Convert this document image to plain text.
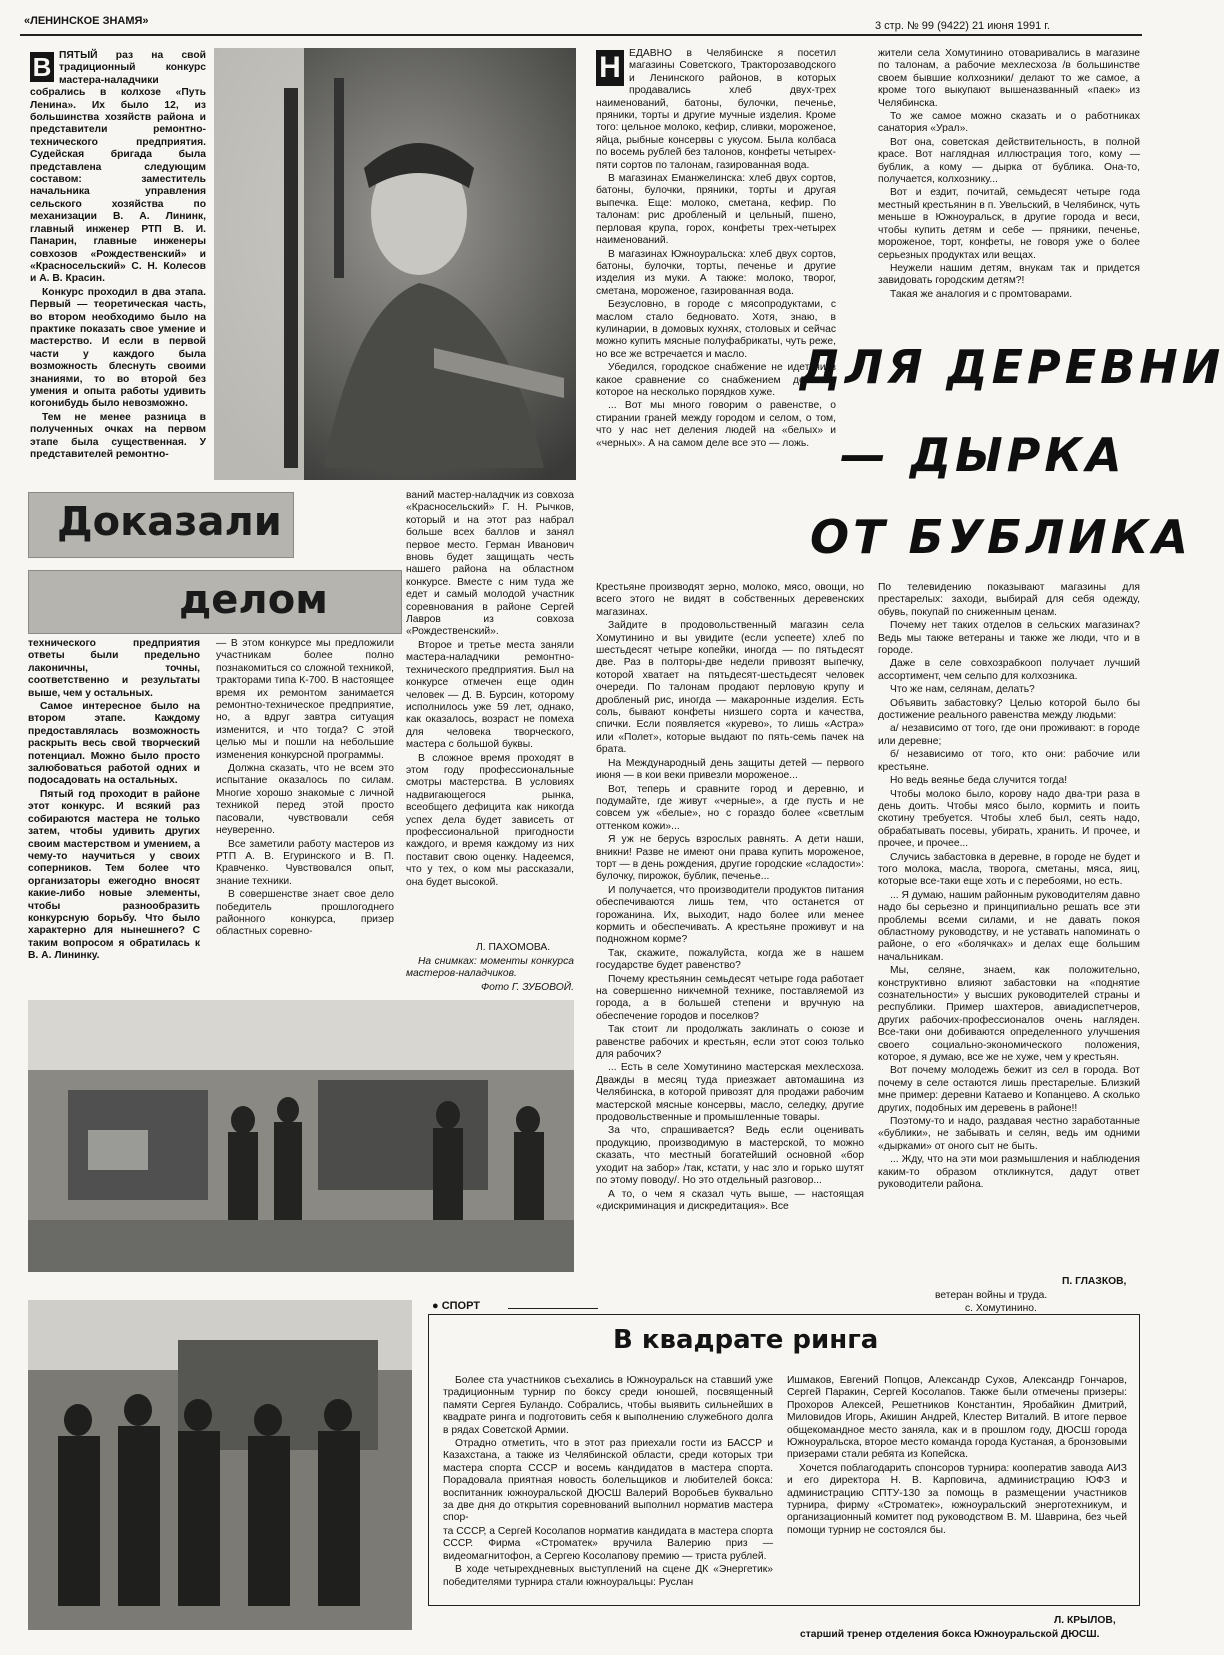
«ЛЕНИНСКОЕ ЗНАМЯ»	3 стр. № 99 (9422) 21 июня 1991 г.
В ПЯТЫЙ раз на свой традиционный конкурс мастера-наладчики собрались в колхозе «Путь Ленина». Их было 12, из большинства хозяйств района и представители ремонтно-технического предприятия. Судейская бригада была представлена следующим составом: заместитель начальника управления сельского хозяйства по механизации В. А. Лининк, главный инженер РТП В. И. Панарин, главные инженеры совхозов «Рождественский» и «Красносельский» С. Н. Колесов и А. В. Красин.

Конкурс проходил в два этапа. Первый — теоретическая часть, во втором необходимо было на практике показать свое умение и мастерство. И если в первой части у каждого была возможность блеснуть своими знаниями, то во второй без умения и опыта работы удивить когонибудь было невозможно.

Тем не менее разница в полученных очках на первом этапе была существенная. У представителей ремонтно-

Доказали
делом

технического предприятия ответы были предельно лаконичны, точны, соответственно и результаты выше, чем у остальных.

Самое интересное было на втором этапе. Каждому предоставлялась возможность раскрыть весь свой творческий потенциал. Можно было просто залюбоваться работой одних и подосадовать на остальных.

Пятый год проходит в районе этот конкурс. И всякий раз собираются мастера не только затем, чтобы удивить других своим мастерством и умением, а чему-то научиться у своих соперников. Тем более что организаторы ежегодно вносят какие-либо новые элементы, чтобы разнообразить конкурсную борьбу. Что было характерно для нынешнего? С таким вопросом я обратилась к В. А. Лининку.

— В этом конкурсе мы предложили участникам более полно познакомиться со сложной техникой, тракторами типа К-700. В настоящее время их ремонтом занимается ремонтно-техническое предприятие, но, а вдруг завтра ситуация изменится, и что тогда? С этой целью мы и пошли на небольшие изменения конкурсной программы.

Должна сказать, что не всем это испытание оказалось по силам. Многие хорошо знакомые с личной техникой перед этой просто пасовали, чувствовали себя неуверенно.

Все заметили работу мастеров из РТП А. В. Егуринского и В. П. Кравченко. Чувствовался опыт, знание техники.

В совершенстве знает свое дело победитель прошлогоднего районного конкурса, призер областных соревно-

ваний мастер-наладчик из совхоза «Красносельский» Г. Н. Рычков, который и на этот раз набрал больше всех баллов и занял первое место. Герман Иванович вновь будет защищать честь нашего района на областном конкурсе. Вместе с ним туда же едет и самый молодой участник соревнования в районе Сергей Лавров из совхоза «Рождественский».

Второе и третье места заняли мастера-наладчики ремонтно-технического предприятия. Был на конкурсе отмечен еще один человек — Д. В. Бурсин, которому исполнилось уже 59 лет, однако, как оказалось, возраст не помеха для человека творческого, мастера с большой буквы.

В сложное время проходят в этом году профессиональные смотры мастерства. В условиях надвигающегося рынка, всеобщего дефицита как никогда успех дела будет зависеть от профессиональной пригодности каждого, и время каждому из них поставит свою оценку. Надеемся, что у тех, о ком мы рассказали, она будет высокой.

Л. ПАХОМОВА.

На снимках: моменты конкурса мастеров-наладчиков.

Фото Г. ЗУБОВОЙ.

Н ЕДАВНО в Челябинске я посетил магазины Советского, Тракторозаводского и Ленинского районов, в которых продавались хлеб двух-трех наименований, батоны, булочки, печенье, пряники, торты и другие мучные изделия. Кроме того: цельное молоко, кефир, сливки, мороженое, яйца, рыбные консервы с укусом. Была колбаса по восемь рублей без талонов, конфеты четырех-пяти сортов по талонам, газированная вода.

В магазинах Еманжелинска: хлеб двух сортов, батоны, булочки, пряники, торты и другая выпечка. Еще: молоко, сметана, кефир. По талонам: рис дробленый и цельный, пшено, перловая крупа, горох, конфеты трех-четырех наименований.

В магазинах Южноуральска: хлеб двух сортов, батоны, булочки, торты, печенье и другие изделия из муки. А также: молоко, творог, сметана, мороженое, газированная вода.

Безусловно, в городе с мясопродуктами, с маслом стало бедновато. Хотя, знаю, в кулинарии, в домовых кухнях, столовых и сейчас можно купить мясные полуфабрикаты, чуть реже, но все же встречается и масло.

Убедился, городское снабжение не идет ни в какое сравнение со снабжением деревни, которое на несколько порядков хуже.

... Вот мы много говорим о равенстве, о стирании граней между городом и селом, о том, что у нас нет деления людей на «белых» и «черных». А на самом деле все это — ложь.

жители села Хомутинино отоваривались в магазине по талонам, а рабочие мехлесхоза /в большинстве своем бывшие колхозники/ делают то же самое, а кроме того выкупают вышеназванный «паек» из Челябинска.

То же самое можно сказать и о работниках санатория «Урал».

Вот она, советская действительность, в полной красе. Вот наглядная иллюстрация того, кому — бублик, а кому — дырка от бублика. Она-то, получается, колхознику...

Вот и ездит, почитай, семьдесят четыре года местный крестьянин в п. Увельский, в Челябинск, чуть меньше в Южноуральск, в другие города и веси, чтобы купить детям и себе — пряники, печенье, мороженое, торт, конфеты, не говоря уже о более серьезных продуктах или вещах.

Неужели нашим детям, внукам так и придется завидовать городским детям?!

Такая же аналогия и с промтоварами.

ДЛЯ ДЕРЕВНИ
— ДЫРКА
ОТ БУБЛИКА

Крестьяне производят зерно, молоко, мясо, овощи, но всего этого не видят в собственных деревенских магазинах.

Зайдите в продовольственный магазин села Хомутинино и вы увидите (если успеете) хлеб по шестьдесят четыре копейки, иногда — по пятьдесят две. Раз в полторы-две недели привозят выпечку, которой хватает на пятьдесят-шестьдесят человек очереди. По талонам продают перловую крупу и дробленый рис, иногда — макаронные изделия. Есть соль, бывают конфеты низшего сорта и качества, спички. Если появляется «куревo», то лишь «Астра» или «Полет», которые выдают по пять-семь пачек на брата.

На Международный день защиты детей — первого июня — в кои веки привезли мороженое...

Вот, теперь и сравните город и деревню, и подумайте, где живут «черные», а где пусть и не совсем уж «белые», но с гораздо более «светлым оттенком кожи»...

Я уж не берусь взрослых равнять. А дети наши, вникни! Разве не имеют они права купить мороженое, торт — в день рождения, другие городские «сладости»: булочку, пирожок, бублик, печенье...

И получается, что производители продуктов питания обеспечиваются лишь тем, что останется от горожанина. Их, выходит, надо более или менее кормить и обеспечивать. А крестьяне проживут и на подножном корме?

Так, скажите, пожалуйста, когда же в нашем государстве будет равенство?

Почему крестьянин семьдесят четыре года работает на совершенно никчемной технике, поставляемой из города, а в большей степени и вручную на обеспечение городов и поселков?

Так стоит ли продолжать заклинать о союзе и равенстве рабочих и крестьян, если этот союз только для рабочих?

... Есть в селе Хомутинино мастерская мехлесхоза. Дважды в месяц туда приезжает автомашина из Челябинска, в которой привозят для продажи рабочим мастерской мясные консервы, масло, селедку, другие продовольственные и промышленные товары.

За что, спрашивается? Ведь если оценивать продукцию, производимую в мастерской, то можно сказать, что местный богатейший основной «бор уходит на забор» /так, кстати, у нас зло и горько шутят по этому поводу/. Но это отдельный разговор...

А то, о чем я сказал чуть выше, — настоящая «дискриминация и дискредитация». Все

По телевидению показывают магазины для престарелых: заходи, выбирай для себя одежду, обувь, покупай по сниженным ценам.

Почему нет таких отделов в сельских магазинах? Ведь мы также ветераны и также же люди, что и в городе.

Даже в селе совхозрабкооп получает лучший ассортимент, чем сельпо для колхозника.

Что же нам, селянам, делать?

Объявить забастовку? Целью которой было бы достижение реального равенства между людьми:

а/ независимо от того, где они проживают: в городе или деревне;

б/ независимо от того, кто они: рабочие или крестьяне.

Но ведь веянье беда случится тогда!

Чтобы молоко было, корову надо два-три раза в день доить. Чтобы мясо было, кормить и поить скотину требуется. Чтобы хлеб был, сеять надо, обрабатывать посевы, убирать, хранить. И прочее, и прочее, и прочее...

Случись забастовка в деревне, в городе не будет и того молока, масла, творога, сметаны, мяса, яиц, которые все-таки еще хоть и с перебоями, но есть.

... Я думаю, нашим районным руководителям давно надо бы серьезно и принципиально решать все эти проблемы всеми силами, и не давать покоя областному руководству, и не уставать напоминать о районе, о его «болячках» и делах еще большим начальникам.

Мы, селяне, знаем, как положительно, конструктивно влияют забастовки на «поднятие сознательности» у высших руководителей страны и республики. Пример шахтеров, авиадиспетчеров, других рабочих-профессионалов очень нагляден. Все-таки они добиваются определенного улучшения своего социально-экономического положения, которое, я думаю, все же не хуже, чем у крестьян.

Вот почему молодежь бежит из сел в города. Вот почему в селе остаются лишь престарелые. Близкий мне пример: деревни Катаево и Копанцево. А сколько других, подобных им деревень в районе!!

Поэтому-то и надо, раздавая честно заработанные «бублики», не забывать и селян, ведь им одними «дырками» от оного сыт не быть.

... Жду, что на эти мои размышления и наблюдения каким-то образом откликнутся, дадут ответ руководители района.

П. ГЛАЗКОВ,
ветеран войны и труда.
с. Хомутинино.
● СПОРТ
В квадрате ринга

Более ста участников съехались в Южноуральск на ставший уже традиционным турнир по боксу среди юношей, посвященный памяти Сергея Буландо. Собрались, чтобы выявить сильнейших в квадрате ринга и подготовить себя к выполнению служебного долга в рядах Советской Армии.

Отрадно отметить, что в этот раз приехали гости из БАССР и Казахстана, а также из Челябинской области, среди которых три мастера спорта СССР и восемь кандидатов в мастера спорта. Порадовала приятная новость болельщиков и любителей бокса: воспитанник южноуральской ДЮСШ Валерий Воробьев буквально за две дня до открытия соревнований выполнил норматив мастера спор-

та СССР, а Сергей Косолапов норматив кандидата в мастера спорта СССР. Фирма «Строматек» вручила Валерию приз — видеомагнитофон, а Сергею Косолапову премию — триста рублей.

В ходе четырехдневных выступлений на сцене ДК «Энергетик» победителями турнира стали южноуральцы: Руслан

Ишмаков, Евгений Попцов, Александр Сухов, Александр Гончаров, Сергей Паракин, Сергей Косолапов. Также были отмечены призеры: Прохоров Алексей, Решетников Константин, Яробайкин Дмитрий, Миловидов Игорь, Акишин Андрей, Клестер Виталий. В итоге первое общекомандное место заняла, как и в прошлом году, ДЮСШ города Южноуральска, второе место команда города Кустаная, а бронзовыми призерами стали ребята из Копейска.

Хочется поблагодарить спонсоров турнира: кооператив завода АИЗ и его директора Н. В. Карповича, администрацию ЮФЗ и администрацию СПТУ-130 за помощь в размещении участников турнира, фирму «Строматек», южноуральский энерготехникум, и организационный комитет под руководством В. М. Шаврина, без чьей помощи турнир не состоялся бы.

Л. КРЫЛОВ,

старший тренер отделения бокса Южноуральской ДЮСШ.
